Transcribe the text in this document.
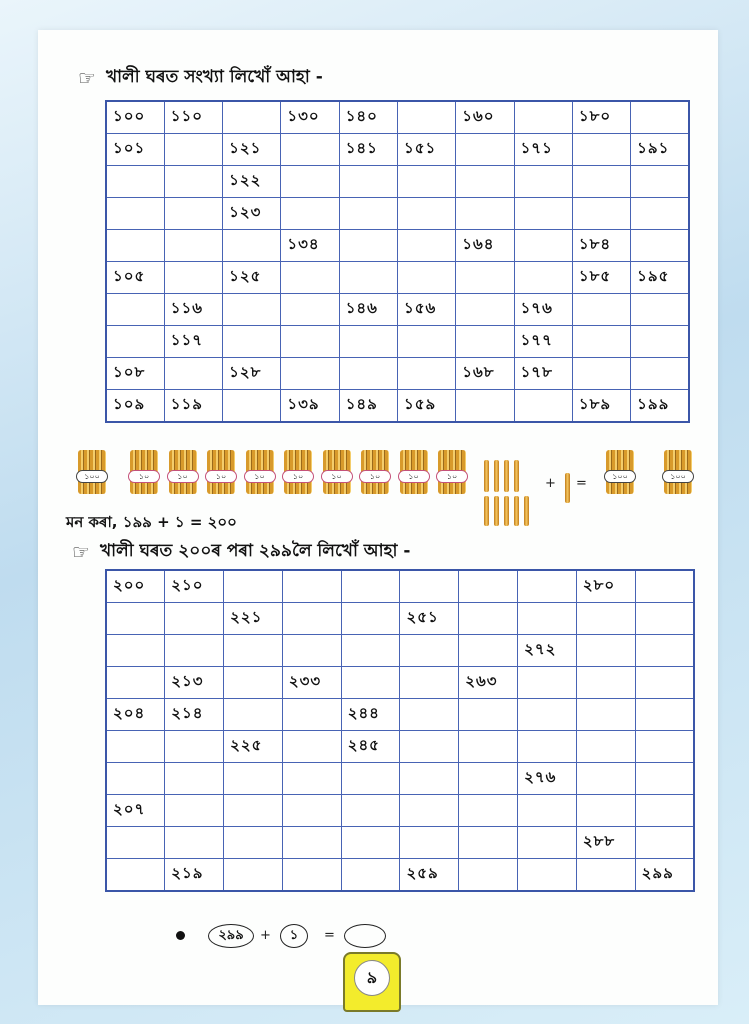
☞ খালী ঘৰত সংখ্যা লিখোঁ আহা -
১০০	১১০		১৩০	১৪০		১৬০		১৮০	
১০১		১২১		১৪১	১৫১		১৭১		১৯১
		১২২							
		১২৩							
			১৩৪			১৬৪		১৮৪	
১০৫		১২৫						১৮৫	১৯৫
	১১৬			১৪৬	১৫৬		১৭৬		
	১১৭						১৭৭		
১০৮		১২৮				১৬৮	১৭৮		
১০৯	১১৯		১৩৯	১৪৯	১৫৯			১৮৯	১৯৯
১০০	১০	১০	১০	১০	১০	১০	১০	১০	১০	+ =	১০০	১০০
মন কৰা, ১৯৯ + ১ = ২০০
☞ খালী ঘৰত ২০০ৰ পৰা ২৯৯লৈ লিখোঁ আহা -
২০০	২১০							২৮০	
		২২১			২৫১				
							২৭২		
	২১৩		২৩৩			২৬৩			
২০৪	২১৪			২৪৪					
		২২৫		২৪৫					
							২৭৬		
২০৭									
								২৮৮	
	২১৯				২৫৯				২৯৯
২৯৯	+	১	=
৯
